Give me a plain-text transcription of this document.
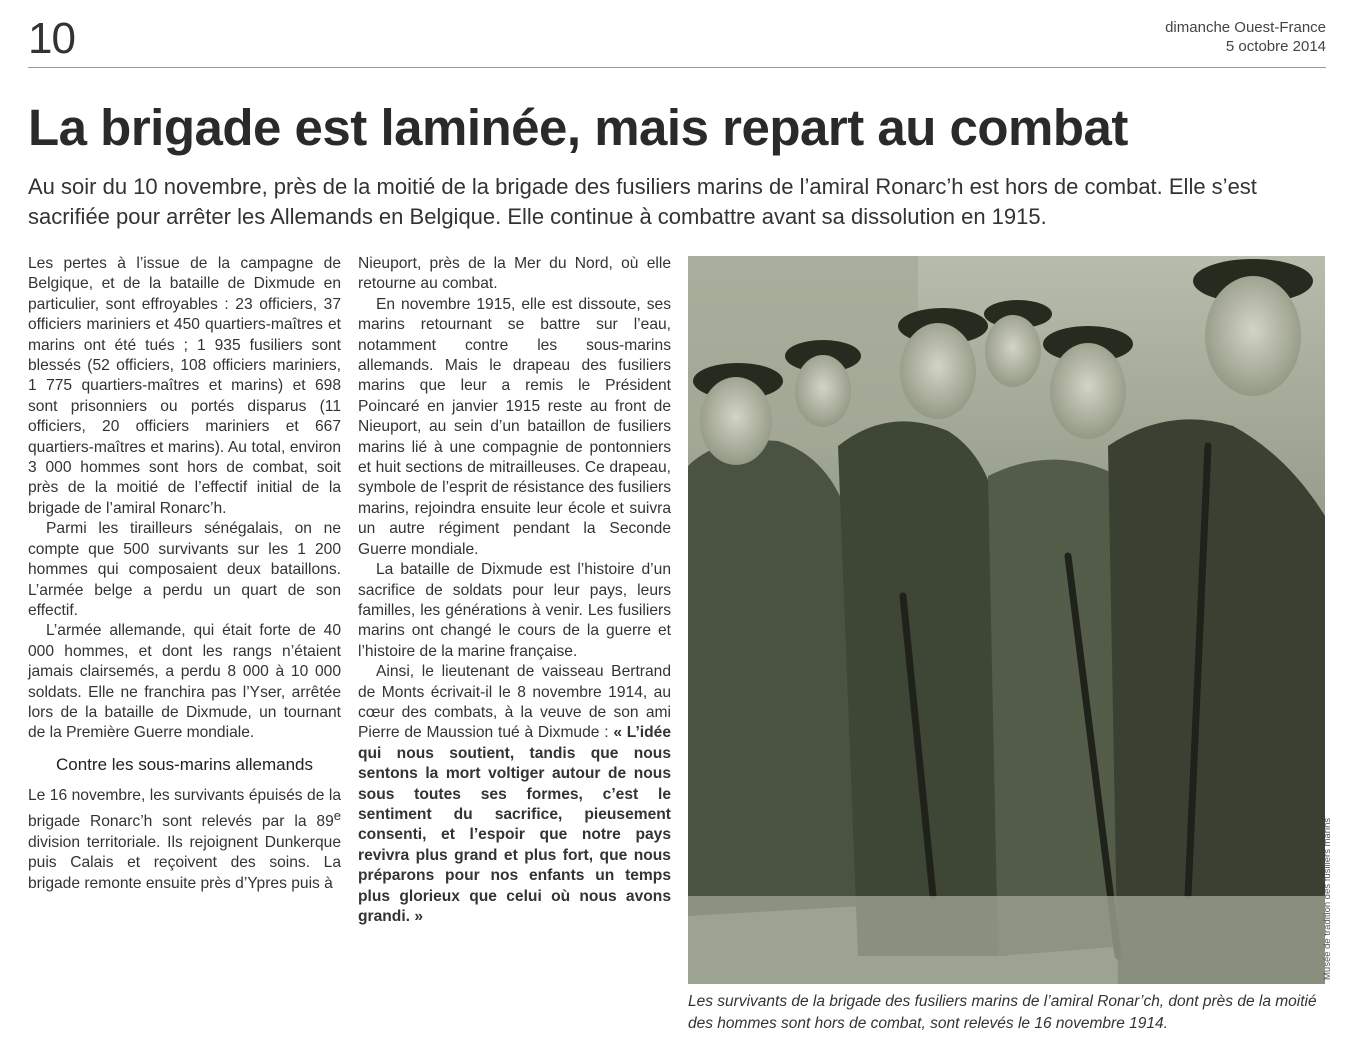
10	dimanche Ouest-France
5 octobre 2014
La brigade est laminée, mais repart au combat

Au soir du 10 novembre, près de la moitié de la brigade des fusiliers marins de l’amiral Ronarc’h est hors de combat. Elle s’est sacrifiée pour arrêter les Allemands en Belgique. Elle continue à combattre avant sa dissolution en 1915.

Les pertes à l’issue de la campagne de Belgique, et de la bataille de Dixmude en particulier, sont effroyables : 23 officiers, 37 officiers mariniers et 450 quartiers-maîtres et marins ont été tués ; 1 935 fusiliers sont blessés (52 officiers, 108 officiers mariniers, 1 775 quartiers-maîtres et marins) et 698 sont prisonniers ou portés disparus (11 officiers, 20 officiers mariniers et 667 quartiers-maîtres et marins). Au total, environ 3 000 hommes sont hors de combat, soit près de la moitié de l’effectif initial de la brigade de l’amiral Ronarc’h.

Parmi les tirailleurs sénégalais, on ne compte que 500 survivants sur les 1 200 hommes qui composaient deux bataillons. L’armée belge a perdu un quart de son effectif.

L’armée allemande, qui était forte de 40 000 hommes, et dont les rangs n’étaient jamais clairsemés, a perdu 8 000 à 10 000 soldats. Elle ne franchira pas l’Yser, arrêtée lors de la bataille de Dixmude, un tournant de la Première Guerre mondiale.

Contre les sous-marins allemands

Le 16 novembre, les survivants épuisés de la brigade Ronarc’h sont relevés par la 89e division territoriale. Ils rejoignent Dunkerque puis Calais et reçoivent des soins. La brigade remonte ensuite près d’Ypres puis à

Nieuport, près de la Mer du Nord, où elle retourne au combat.

En novembre 1915, elle est dissoute, ses marins retournant se battre sur l’eau, notamment contre les sous-marins allemands. Mais le drapeau des fusiliers marins que leur a remis le Président Poincaré en janvier 1915 reste au front de Nieuport, au sein d’un bataillon de fusiliers marins lié à une compagnie de pontonniers et huit sections de mitrailleuses. Ce drapeau, symbole de l’esprit de résistance des fusiliers marins, rejoindra ensuite leur école et suivra un autre régiment pendant la Seconde Guerre mondiale.

La bataille de Dixmude est l’histoire d’un sacrifice de soldats pour leur pays, leurs familles, les générations à venir. Les fusiliers marins ont changé le cours de la guerre et l’histoire de la marine française.

Ainsi, le lieutenant de vaisseau Bertrand de Monts écrivait-il le 8 novembre 1914, au cœur des combats, à la veuve de son ami Pierre de Maussion tué à Dixmude : « L’idée qui nous soutient, tandis que nous sentons la mort voltiger autour de nous sous toutes ses formes, c’est le sentiment du sacrifice, pieusement consenti, et l’espoir que notre pays revivra plus grand et plus fort, que nous préparons pour nos enfants un temps plus glorieux que celui où nous avons grandi. »	Musée de tradition des fusiliers marins

Les survivants de la brigade des fusiliers marins de l’amiral Ronar’ch, dont près de la moitié des hommes sont hors de combat, sont relevés le 16 novembre 1914.
